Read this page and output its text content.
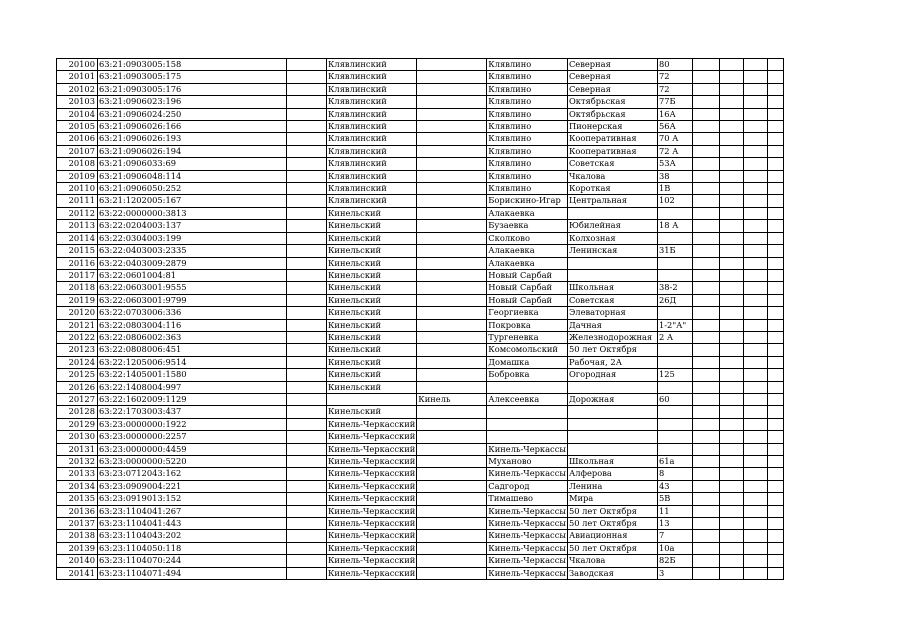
20100	63:21:0903005:158		Клявлинский		Клявлино	Северная	80				
20101	63:21:0903005:175		Клявлинский		Клявлино	Северная	72				
20102	63:21:0903005:176		Клявлинский		Клявлино	Северная	72				
20103	63:21:0906023:196		Клявлинский		Клявлино	Октябрьская	77Б				
20104	63:21:0906024:250		Клявлинский		Клявлино	Октябрьская	16А				
20105	63:21:0906026:166		Клявлинский		Клявлино	Пионерская	56А				
20106	63:21:0906026:193		Клявлинский		Клявлино	Кооперативная	70 А				
20107	63:21:0906026:194		Клявлинский		Клявлино	Кооперативная	72 А				
20108	63:21:0906033:69		Клявлинский		Клявлино	Советская	53А				
20109	63:21:0906048:114		Клявлинский		Клявлино	Чкалова	38				
20110	63:21:0906050:252		Клявлинский		Клявлино	Короткая	1В				
20111	63:21:1202005:167		Клявлинский		Борискино-Игар	Центральная	102				
20112	63:22:0000000:3813		Кинельский		Алакаевка						
20113	63:22:0204003:137		Кинельский		Бузаевка	Юбилейная	18 А				
20114	63:22:0304003:199		Кинельский		Сколково	Колхозная					
20115	63:22:0403003:2335		Кинельский		Алакаевка	Ленинская	31Б				
20116	63:22:0403009:2879		Кинельский		Алакаевка						
20117	63:22:0601004:81		Кинельский		Новый Сарбай						
20118	63:22:0603001:9555		Кинельский		Новый Сарбай	Школьная	38-2				
20119	63:22:0603001:9799		Кинельский		Новый Сарбай	Советская	26Д				
20120	63:22:0703006:336		Кинельский		Георгиевка	Элеваторная					
20121	63:22:0803004:116		Кинельский		Покровка	Дачная	1-2"А"				
20122	63:22:0806002:363		Кинельский		Тургеневка	Железнодорожная	2 А				
20123	63:22:0808006:451		Кинельский		Комсомольский	50 лет Октября					
20124	63:22:1205006:9514		Кинельский		Домашка	Рабочая, 2А					
20125	63:22:1405001:1580		Кинельский		Бобровка	Огородная	125				
20126	63:22:1408004:997		Кинельский								
20127	63:22:1602009:1129			Кинель	Алексеевка	Дорожная	60				
20128	63:22:1703003:437		Кинельский								
20129	63:23:0000000:1922		Кинель-Черкасский								
20130	63:23:0000000:2257		Кинель-Черкасский								
20131	63:23:0000000:4459		Кинель-Черкасский		Кинель-Черкассы						
20132	63:23:0000000:5220		Кинель-Черкасский		Муханово	Школьная	61а				
20133	63:23:0712043:162		Кинель-Черкасский		Кинель-Черкассы	Алферова	8				
20134	63:23:0909004:221		Кинель-Черкасский		Садгород	Ленина	43				
20135	63:23:0919013:152		Кинель-Черкасский		Тимашево	Мира	5В				
20136	63:23:1104041:267		Кинель-Черкасский		Кинель-Черкассы	50 лет Октября	11				
20137	63:23:1104041:443		Кинель-Черкасский		Кинель-Черкассы	50 лет Октября	13				
20138	63:23:1104043:202		Кинель-Черкасский		Кинель-Черкассы	Авиационная	7				
20139	63:23:1104050:118		Кинель-Черкасский		Кинель-Черкассы	50 лет Октября	10а				
20140	63:23:1104070:244		Кинель-Черкасский		Кинель-Черкассы	Чкалова	82Б				
20141	63:23:1104071:494		Кинель-Черкасский		Кинель-Черкассы	Заводская	3				
